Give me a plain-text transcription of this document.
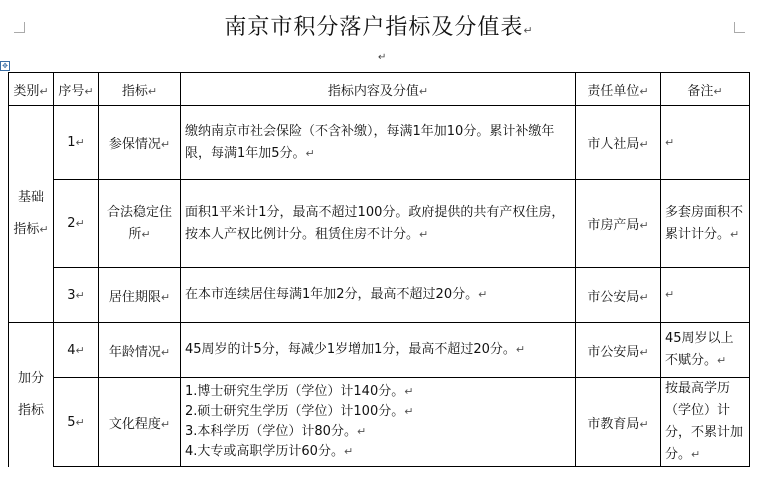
南京市积分落户指标及分值表↵
↵
✥
类别↵	序号↵	指标↵	指标内容及分值↵	责任单位↵	备注↵

基础
指标↵	1↵	参保情况↵	缴纳南京市社会保险（不含补缴），每满1年加10分。累计补缴年限，每满1年加5分。↵	市人社局↵	↵
	2↵	合法稳定住所↵	面积1平米计1分，最高不超过100分。政府提供的共有产权住房，按本人产权比例计分。租赁住房不计分。↵	市房产局↵	多套房面积不累计计分。↵
	3↵	居住期限↵	在本市连续居住每满1年加2分，最高不超过20分。↵	市公安局↵	↵

加分
指标	4↵	年龄情况↵	45周岁的计5分，每减少1岁增加1分，最高不超过20分。↵	市公安局↵	45周岁以上不赋分。↵
	5↵	文化程度↵	1.博士研究生学历（学位）计140分。↵
2.硕士研究生学历（学位）计100分。↵
3.本科学历（学位）计80分。↵
4.大专或高职学历计60分。↵	市教育局↵	按最高学历（学位）计分，不累计加分。↵
